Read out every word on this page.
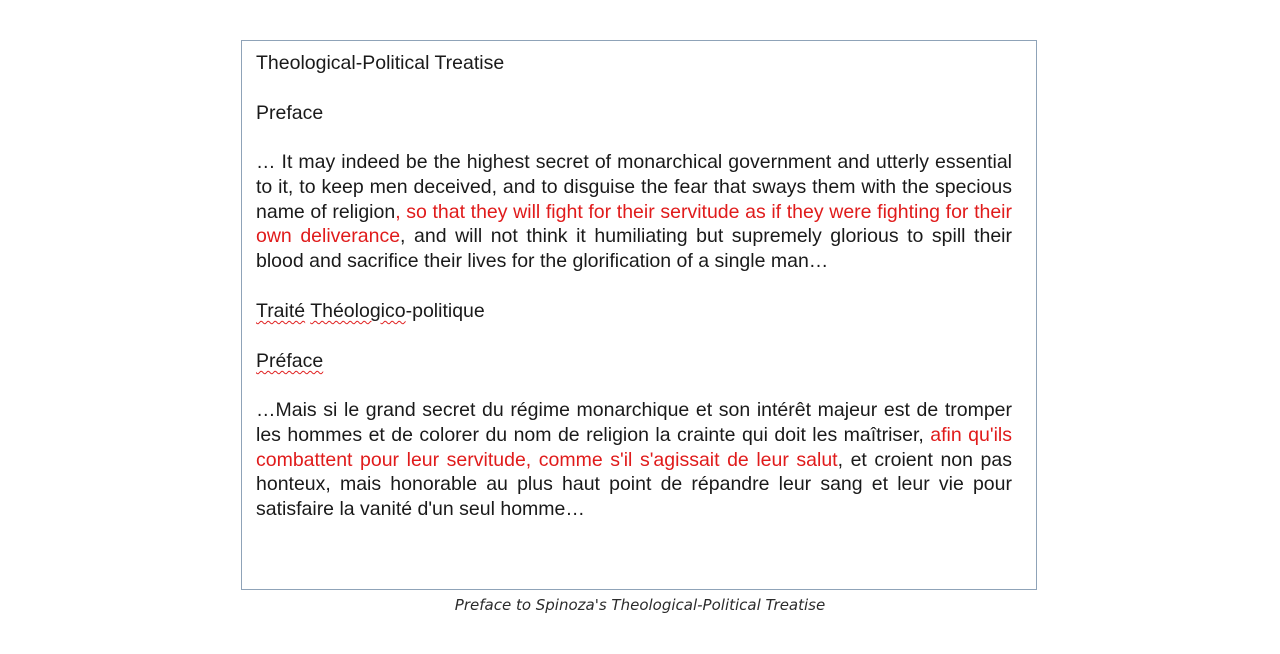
Theological-Political Treatise

Preface

… It may indeed be the highest secret of monarchical government and utterly essential to it, to keep men deceived, and to disguise the fear that sways them with the specious name of religion, so that they will fight for their servitude as if they were fighting for their own deliverance, and will not think it humiliating but supremely glorious to spill their blood and sacrifice their lives for the glorification of a single man…

Traité Théologico-politique

Préface

…Mais si le grand secret du régime monarchique et son intérêt majeur est de tromper les hommes et de colorer du nom de religion la crainte qui doit les maîtriser, afin qu'ils combattent pour leur servitude, comme s'il s'agissait de leur salut, et croient non pas honteux, mais honorable au plus haut point de répandre leur sang et leur vie pour satisfaire la vanité d'un seul homme…

Preface to Spinoza's Theological-Political Treatise
